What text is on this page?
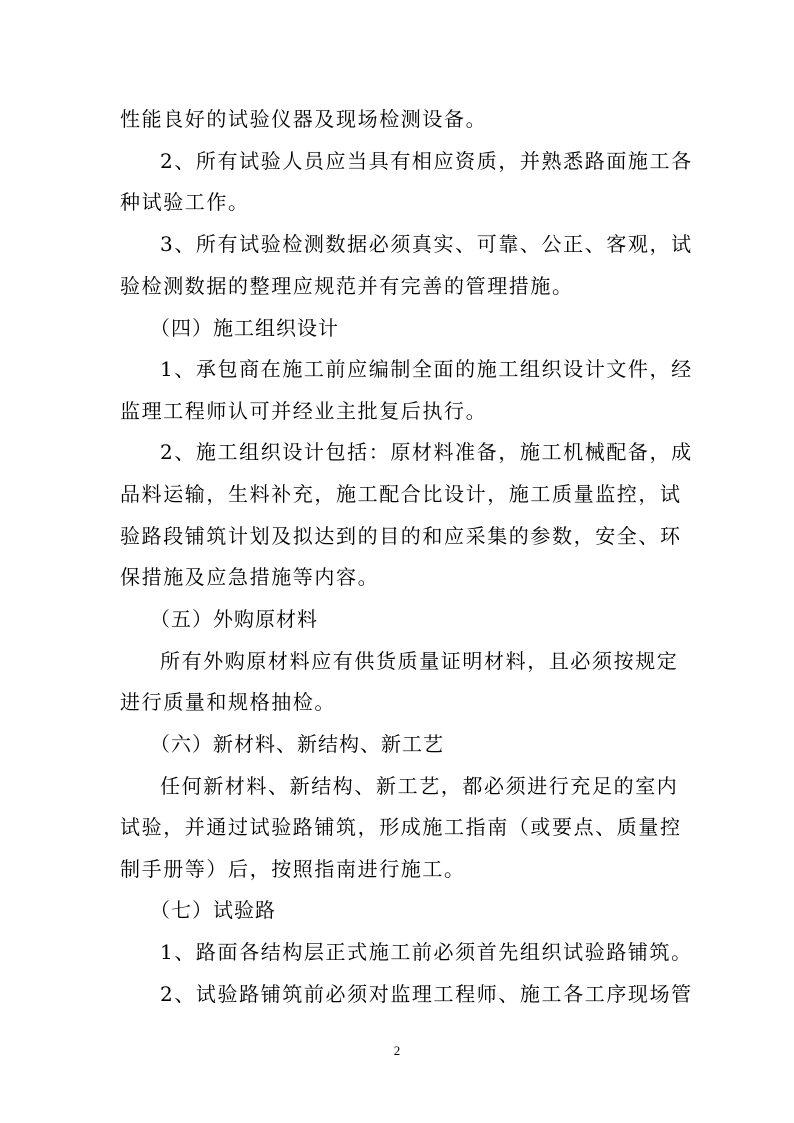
性能良好的试验仪器及现场检测设备。
2、所有试验人员应当具有相应资质，并熟悉路面施工各
种试验工作。
3、所有试验检测数据必须真实、可靠、公正、客观，试
验检测数据的整理应规范并有完善的管理措施。
（四）施工组织设计
1、承包商在施工前应编制全面的施工组织设计文件，经
监理工程师认可并经业主批复后执行。
2、施工组织设计包括：原材料准备，施工机械配备，成
品料运输，生料补充，施工配合比设计，施工质量监控，试
验路段铺筑计划及拟达到的目的和应采集的参数，安全、环
保措施及应急措施等内容。
（五）外购原材料
所有外购原材料应有供货质量证明材料，且必须按规定
进行质量和规格抽检。
（六）新材料、新结构、新工艺
任何新材料、新结构、新工艺，都必须进行充足的室内
试验，并通过试验路铺筑，形成施工指南（或要点、质量控
制手册等）后，按照指南进行施工。
（七）试验路
1、路面各结构层正式施工前必须首先组织试验路铺筑。
2、试验路铺筑前必须对监理工程师、施工各工序现场管
2
